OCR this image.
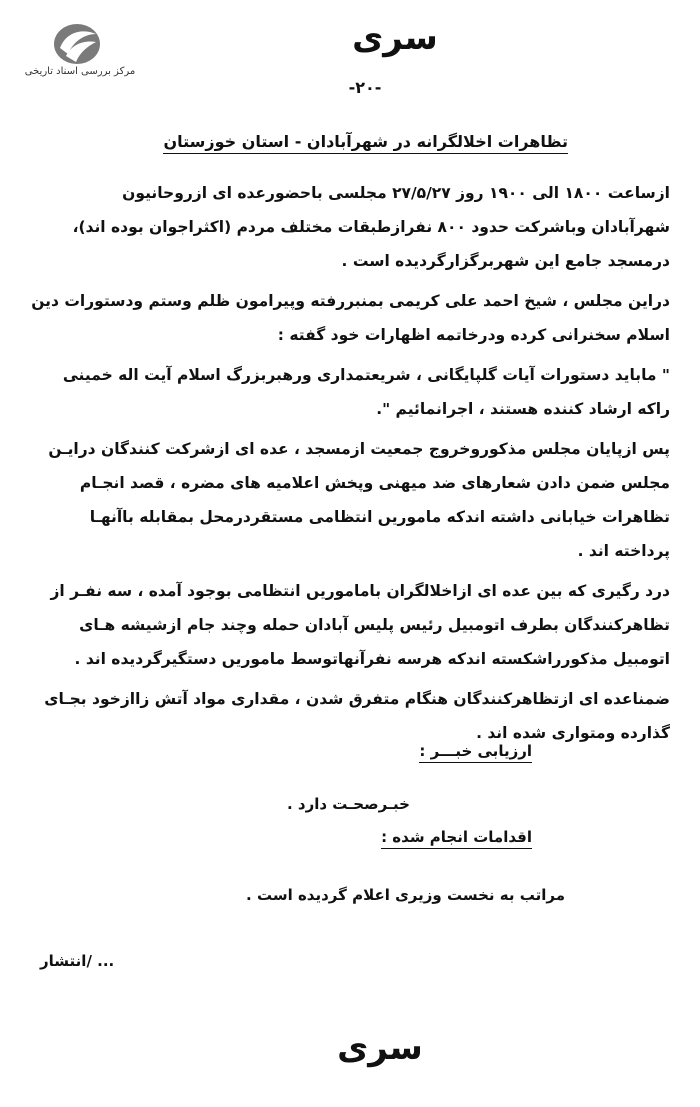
مرکز بررسی اسناد تاریخی
سری
-۲۰-
تظاهرات اخلالگرانه در شهرآبادان - استان خوزستان

ازساعت ۱۸۰۰ الی ۱۹۰۰ روز ۲۷/۵/۲۷ مجلسی باحضورعده ای ازروحانیون
شهرآبادان وباشرکت حدود ۸۰۰ نفرازطبقات مختلف مردم (اکثراجوان بوده اند)،
درمسجد جامع این شهربرگزارگردیده است .

دراین مجلس ، شیخ احمد علی کریمی بمنبررفته وپیرامون ظلم وستم ودستورات دین
اسلام سخنرانی کرده ودرخاتمه اظهارات خود گفته :

" ماباید دستورات آیات گلپایگانی ، شریعتمداری ورهبربزرگ اسلام آیت اله خمینی
راکه ارشاد کننده هستند ، اجرانمائیم ".

پس ازپایان مجلس مذکوروخروج جمعیت ازمسجد ، عده ای ازشرکت کنندگان درایـن
مجلس ضمن دادن شعارهای ضد میهنی وپخش اعلامیه های مضره ، قصد انجـام
تظاهرات خیابانی داشته اندکه ماموریں انتظامی مستقردرمحل بمقابله باآنهـا
پرداخته اند .

درد رگیری که بین عده ای ازاخلالگران باماموریں انتظامی بوجود آمده ، سه نفـر از
تظاهرکنندگان بطرف اتومبیل رئیس پلیس آبادان حمله وچند جام ازشیشه هـای
اتومبیل مذکورراشکسته اندکه هرسه نفرآنهاتوسط ماموریں دستگیرگردیده اند .

ضمناعده ای ازتظاهرکنندگان هنگام متفرق شدن ، مقداری مواد آتش زاازخود بجـای
گذارده ومتواری شده اند .

ارزیابی خبـــر :
خبـرصحـت دارد .
اقدامات انجام شده :
مراتب به نخست وزیری اعلام گردیده است .
انتشار/ ...
سری
